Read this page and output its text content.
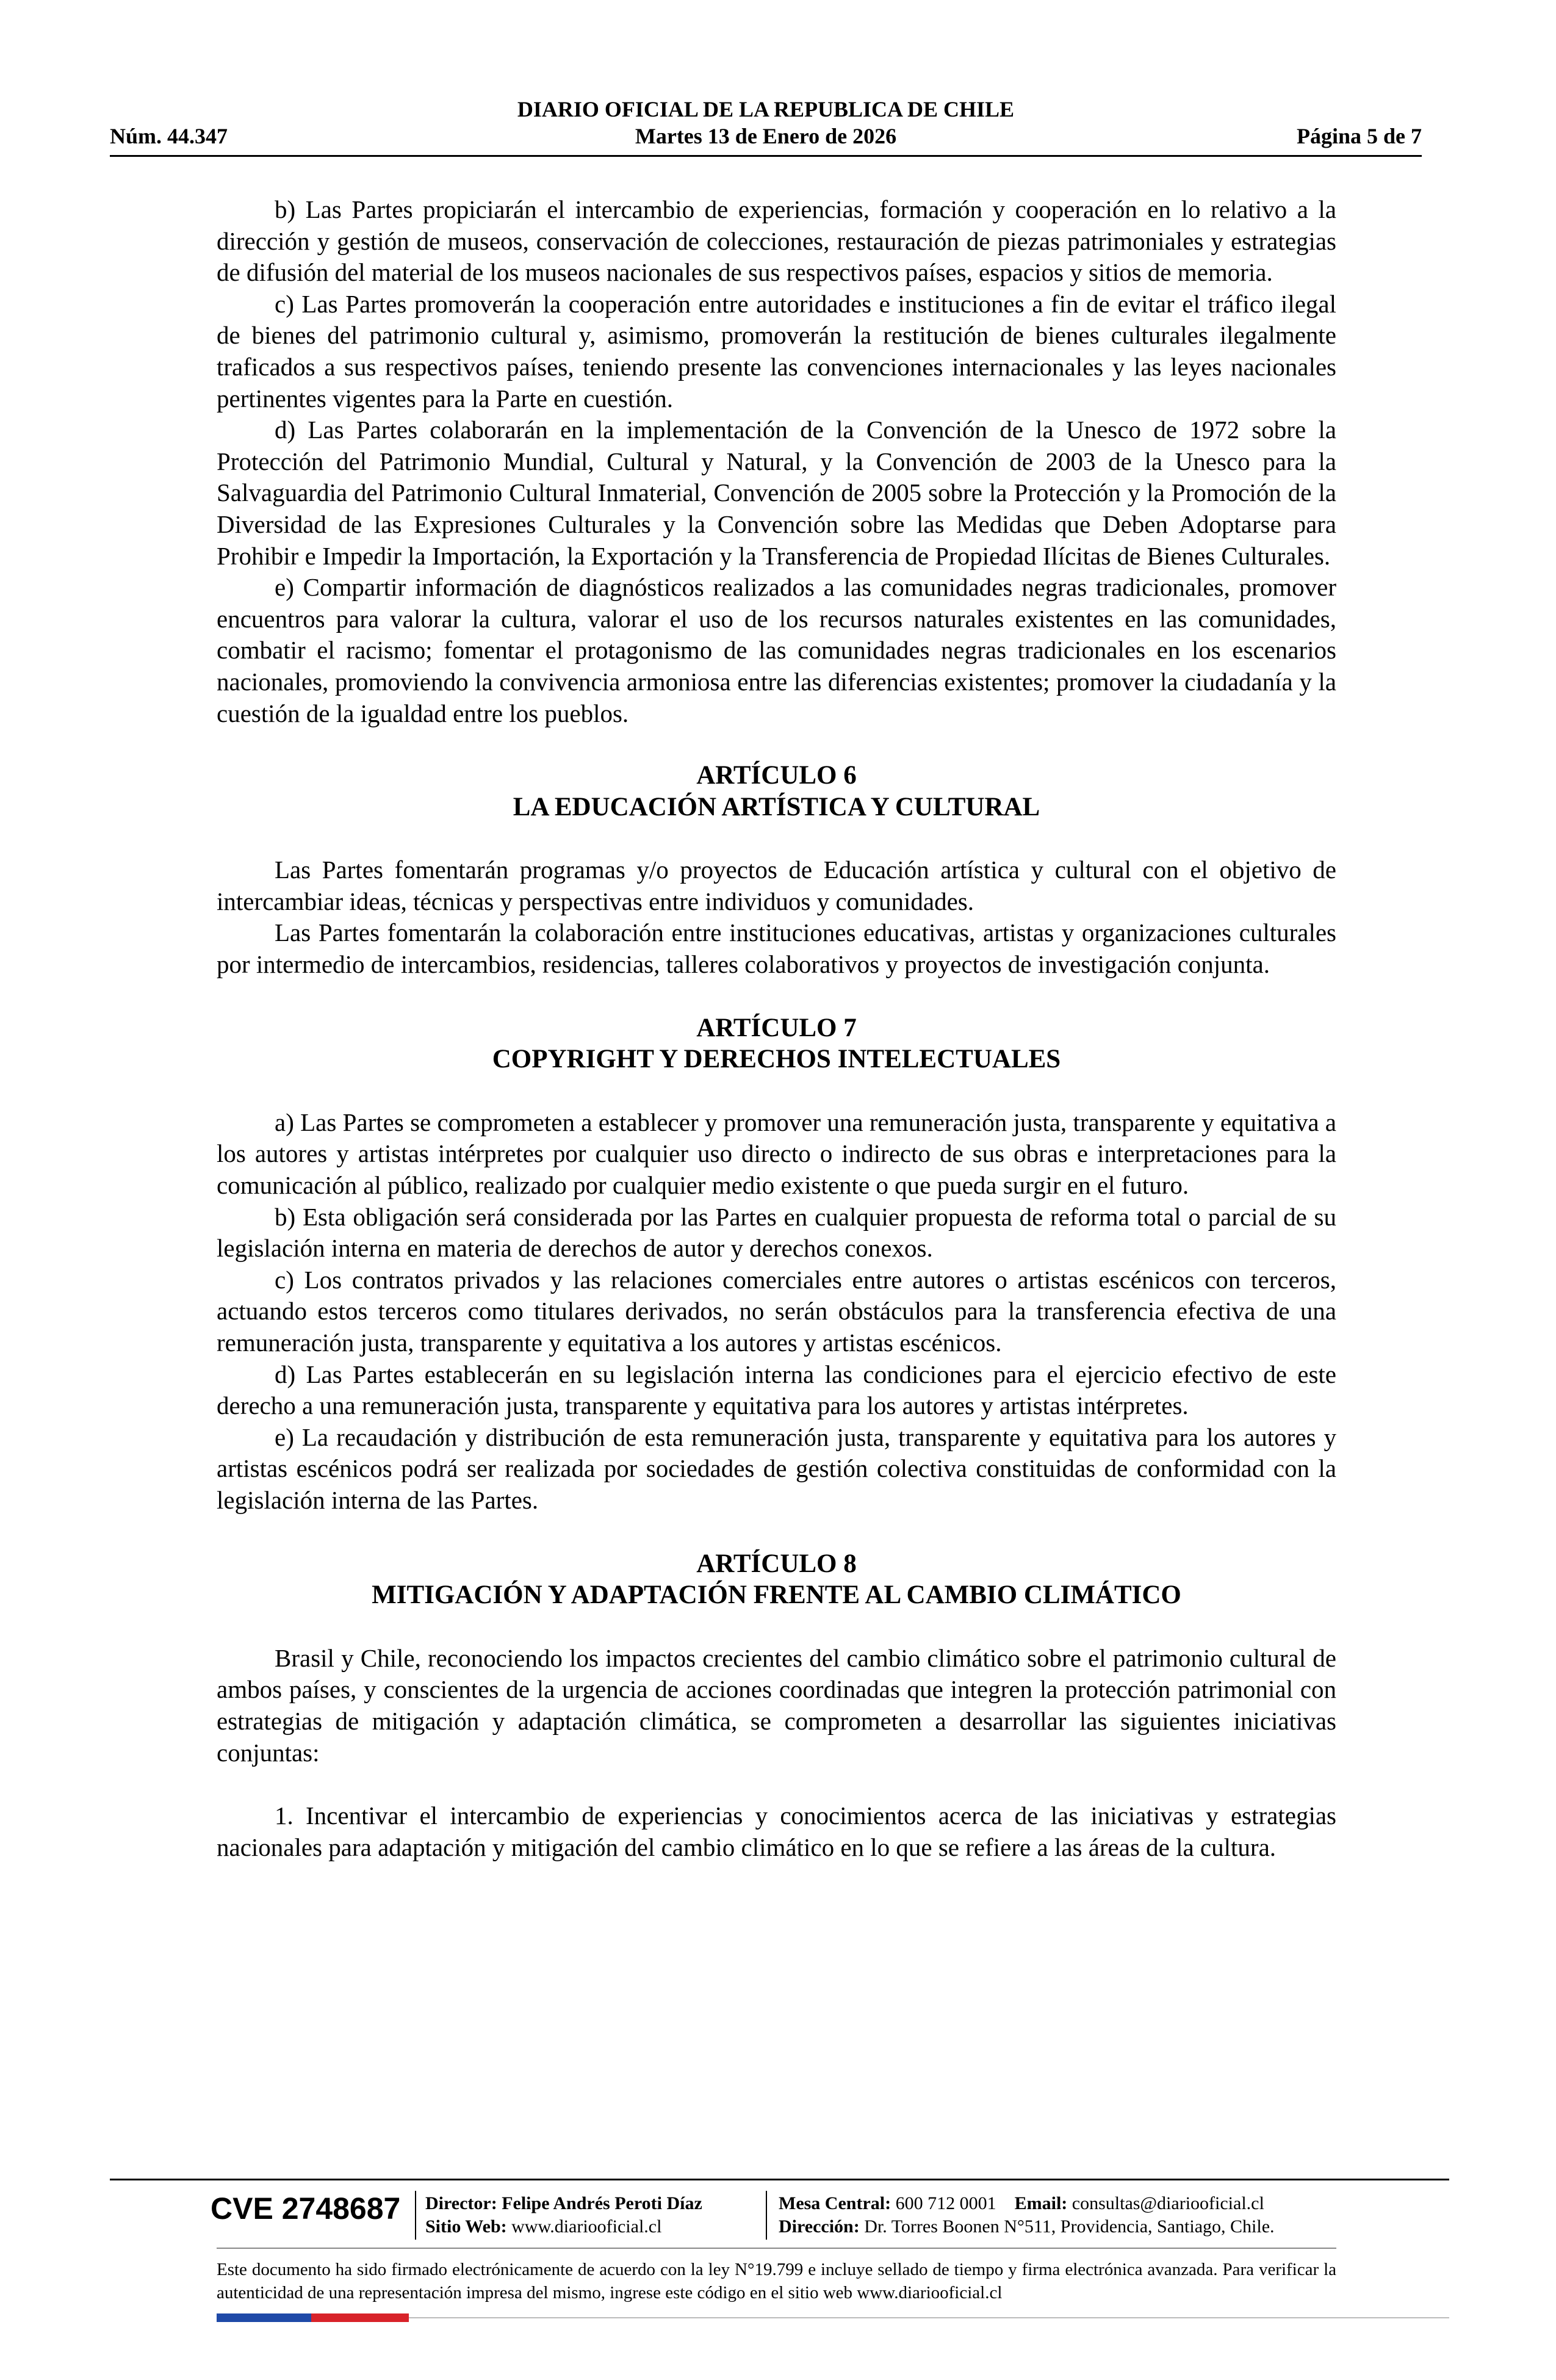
DIARIO OFICIAL DE LA REPUBLICA DE CHILE
Núm. 44.347	Martes 13 de Enero de 2026	Página 5 de 7

b) Las Partes propiciarán el intercambio de experiencias, formación y cooperación en lo relativo a la dirección y gestión de museos, conservación de colecciones, restauración de piezas patrimoniales y estrategias de difusión del material de los museos nacionales de sus respectivos países, espacios y sitios de memoria.

c) Las Partes promoverán la cooperación entre autoridades e instituciones a fin de evitar el tráfico ilegal de bienes del patrimonio cultural y, asimismo, promoverán la restitución de bienes culturales ilegalmente traficados a sus respectivos países, teniendo presente las convenciones internacionales y las leyes nacionales pertinentes vigentes para la Parte en cuestión.

d) Las Partes colaborarán en la implementación de la Convención de la Unesco de 1972 sobre la Protección del Patrimonio Mundial, Cultural y Natural, y la Convención de 2003 de la Unesco para la Salvaguardia del Patrimonio Cultural Inmaterial, Convención de 2005 sobre la Protección y la Promoción de la Diversidad de las Expresiones Culturales y la Convención sobre las Medidas que Deben Adoptarse para Prohibir e Impedir la Importación, la Exportación y la Transferencia de Propiedad Ilícitas de Bienes Culturales.

e) Compartir información de diagnósticos realizados a las comunidades negras tradicionales, promover encuentros para valorar la cultura, valorar el uso de los recursos naturales existentes en las comunidades, combatir el racismo; fomentar el protagonismo de las comunidades negras tradicionales en los escenarios nacionales, promoviendo la convivencia armoniosa entre las diferencias existentes; promover la ciudadanía y la cuestión de la igualdad entre los pueblos.

ARTÍCULO 6
LA EDUCACIÓN ARTÍSTICA Y CULTURAL

Las Partes fomentarán programas y/o proyectos de Educación artística y cultural con el objetivo de intercambiar ideas, técnicas y perspectivas entre individuos y comunidades.

Las Partes fomentarán la colaboración entre instituciones educativas, artistas y organizaciones culturales por intermedio de intercambios, residencias, talleres colaborativos y proyectos de investigación conjunta.

ARTÍCULO 7
COPYRIGHT Y DERECHOS INTELECTUALES

a) Las Partes se comprometen a establecer y promover una remuneración justa, transparente y equitativa a los autores y artistas intérpretes por cualquier uso directo o indirecto de sus obras e interpretaciones para la comunicación al público, realizado por cualquier medio existente o que pueda surgir en el futuro.

b) Esta obligación será considerada por las Partes en cualquier propuesta de reforma total o parcial de su legislación interna en materia de derechos de autor y derechos conexos.

c) Los contratos privados y las relaciones comerciales entre autores o artistas escénicos con terceros, actuando estos terceros como titulares derivados, no serán obstáculos para la transferencia efectiva de una remuneración justa, transparente y equitativa a los autores y artistas escénicos.

d) Las Partes establecerán en su legislación interna las condiciones para el ejercicio efectivo de este derecho a una remuneración justa, transparente y equitativa para los autores y artistas intérpretes.

e) La recaudación y distribución de esta remuneración justa, transparente y equitativa para los autores y artistas escénicos podrá ser realizada por sociedades de gestión colectiva constituidas de conformidad con la legislación interna de las Partes.

ARTÍCULO 8
MITIGACIÓN Y ADAPTACIÓN FRENTE AL CAMBIO CLIMÁTICO

Brasil y Chile, reconociendo los impactos crecientes del cambio climático sobre el patrimonio cultural de ambos países, y conscientes de la urgencia de acciones coordinadas que integren la protección patrimonial con estrategias de mitigación y adaptación climática, se comprometen a desarrollar las siguientes iniciativas conjuntas:

1. Incentivar el intercambio de experiencias y conocimientos acerca de las iniciativas y estrategias nacionales para adaptación y mitigación del cambio climático en lo que se refiere a las áreas de la cultura.

CVE 2748687 Director: Felipe Andrés Peroti Díaz
Sitio Web: www.diariooficial.cl
Mesa Central: 600 712 0001 Email: consultas@diariooficial.cl
Dirección: Dr. Torres Boonen N°511, Providencia, Santiago, Chile.
Este documento ha sido firmado electrónicamente de acuerdo con la ley N°19.799 e incluye sellado de tiempo y firma electrónica avanzada. Para verificar la autenticidad de una representación impresa del mismo, ingrese este código en el sitio web www.diariooficial.cl
